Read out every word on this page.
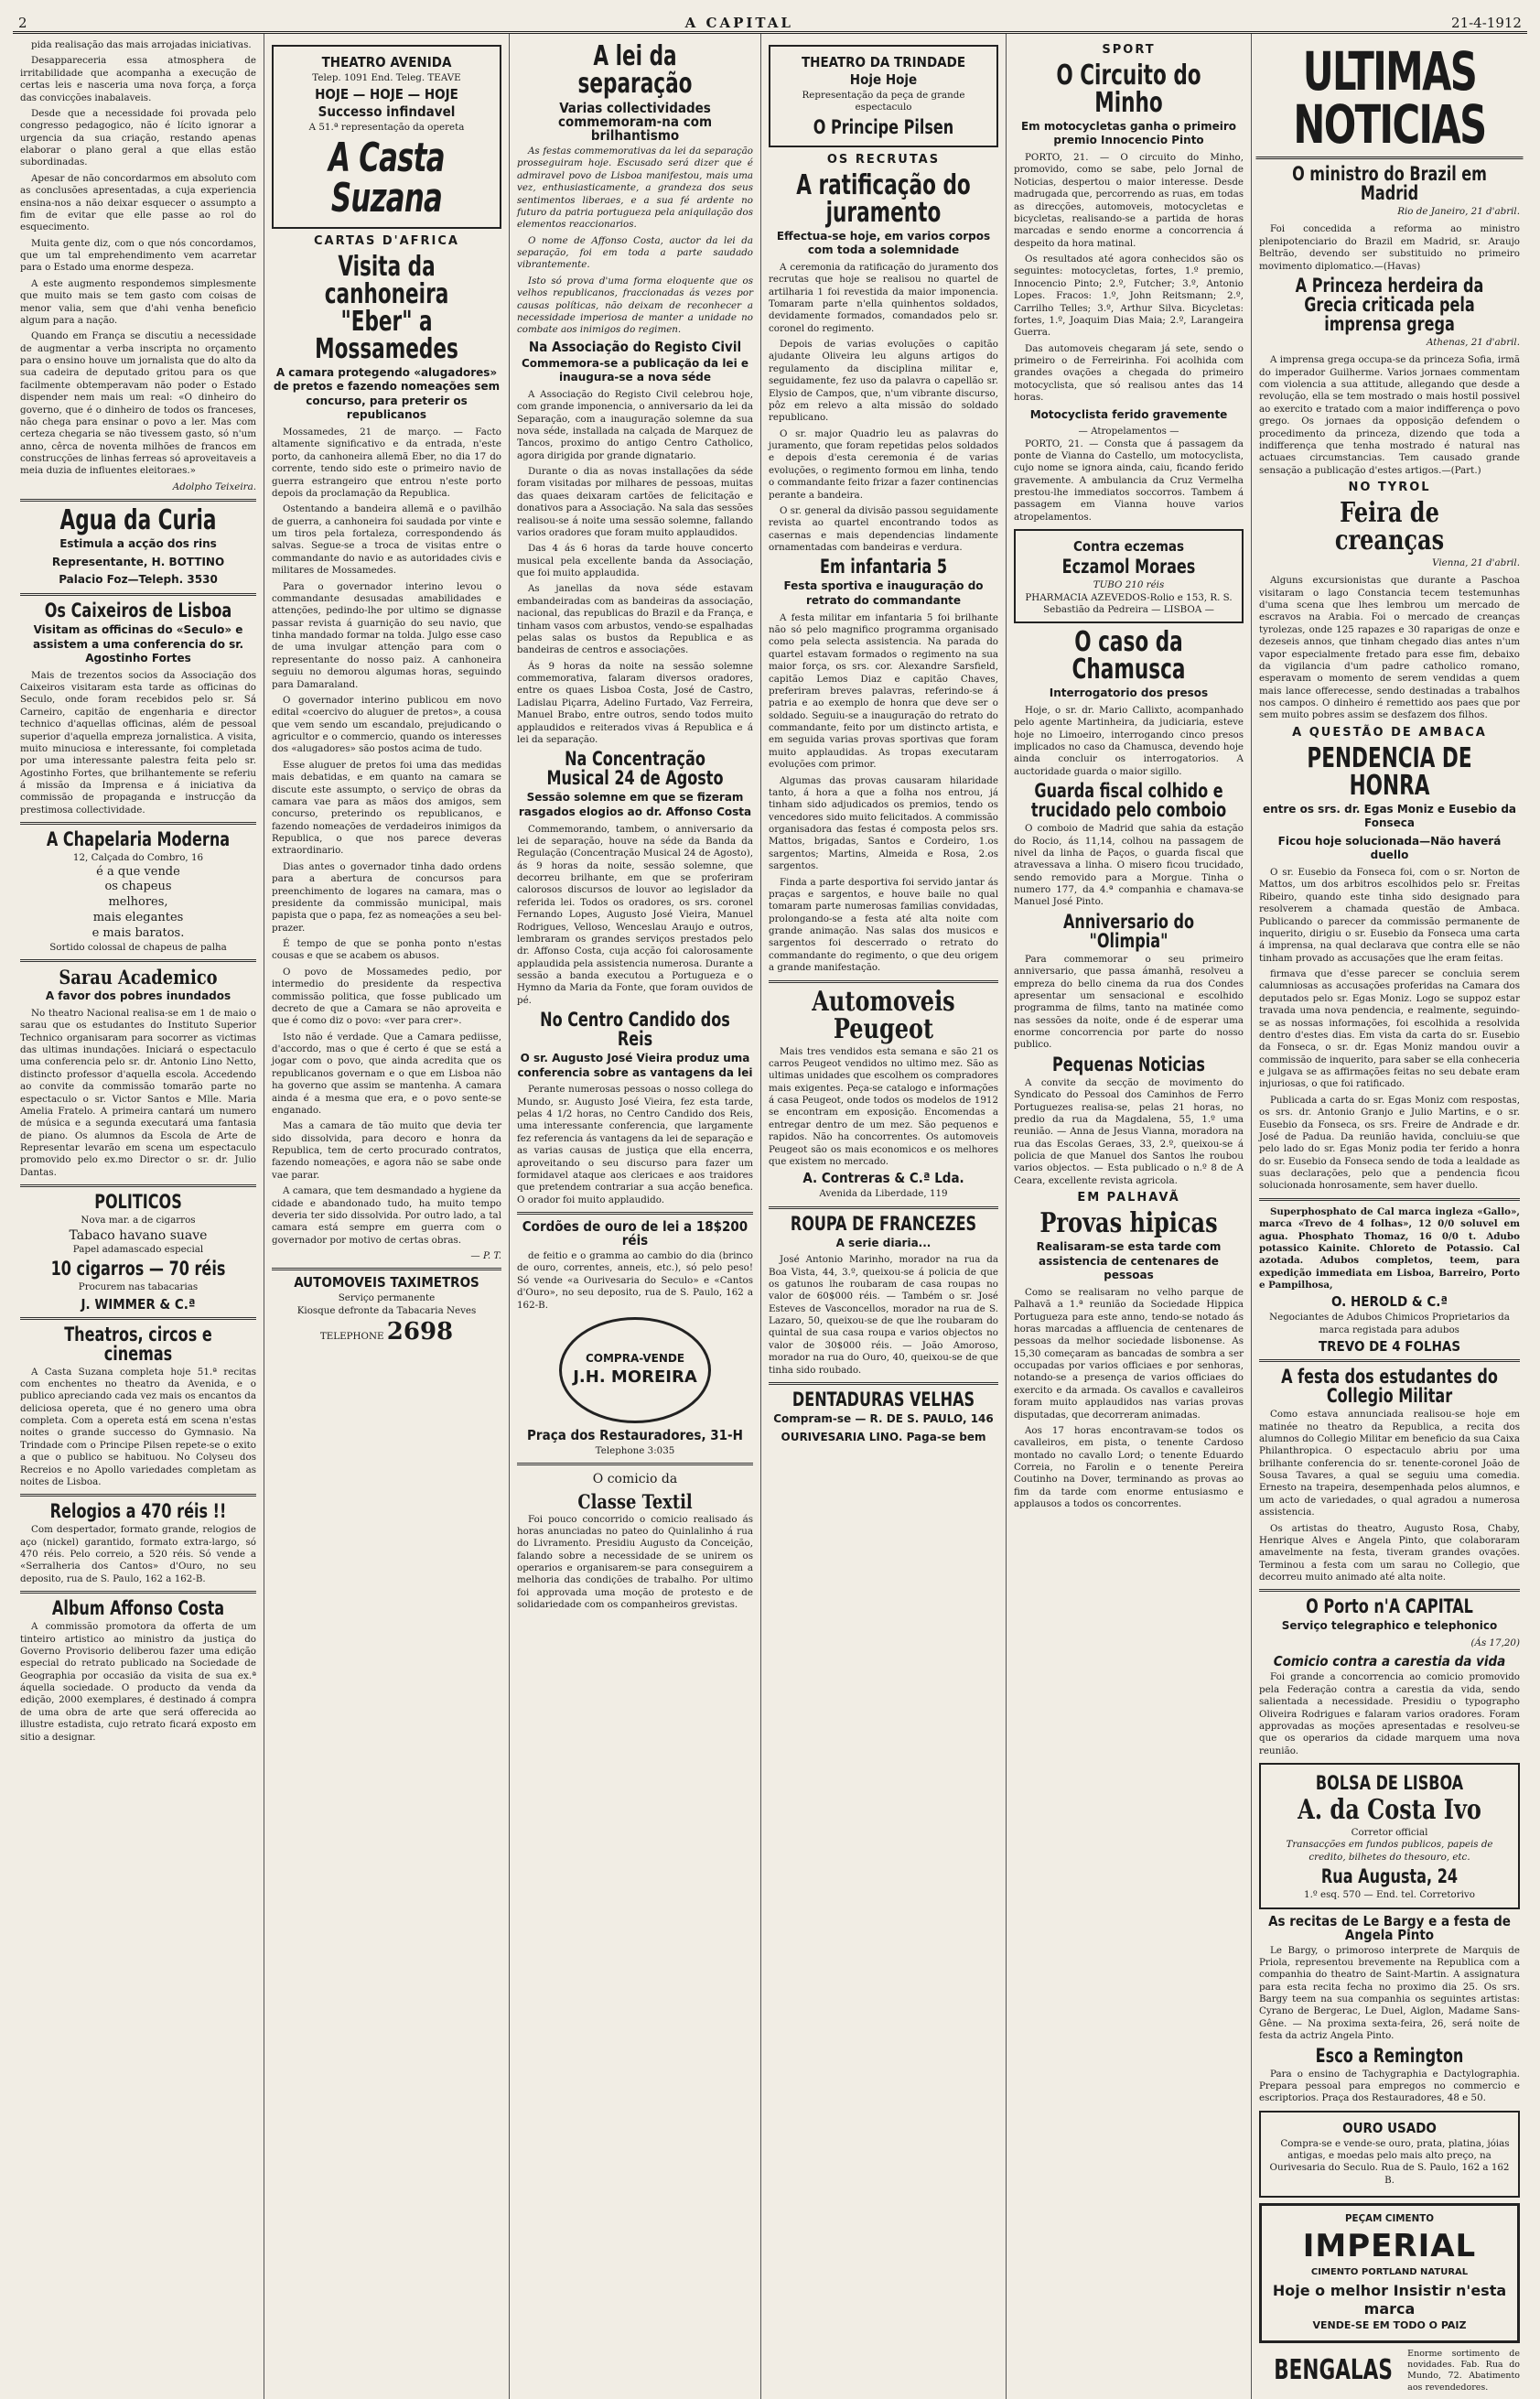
2	A CAPITAL	21-4-1912

pida realisação das mais arrojadas iniciativas.

Desappareceria essa atmosphera de irritabilidade que acompanha a execução de certas leis e nasceria uma nova força, a força das convicções inabalaveis.

Desde que a necessidade foi provada pelo congresso pedagogico, não é lícito ignorar a urgencia da sua criação, restando apenas elaborar o plano geral a que ellas estão subordinadas.

Apesar de não concordarmos em absoluto com as conclusões apresentadas, a cuja experiencia ensina-nos a não deixar esquecer o assumpto a fim de evitar que elle passe ao rol do esquecimento.

Muita gente diz, com o que nós concordamos, que um tal emprehendimento vem acarretar para o Estado uma enorme despeza.

A este augmento respondemos simplesmente que muito mais se tem gasto com coisas de menor valia, sem que d'ahi venha beneficio algum para a nação.

Quando em França se discutiu a necessidade de augmentar a verba inscripta no orçamento para o ensino houve um jornalista que do alto da sua cadeira de deputado gritou para os que facilmente obtemperavam não poder o Estado dispender nem mais um real: «O dinheiro do governo, que é o dinheiro de todos os franceses, não chega para ensinar o povo a ler. Mas com certeza chegaria se não tivessem gasto, só n'um anno, cêrca de noventa milhões de francos em construcções de linhas ferreas só aproveitaveis a meia duzia de influentes eleitoraes.»

Adolpho Teixeira.
Agua da Curia
Estimula a acção dos rins
Representante, H. BOTTINO
Palacio Foz—Teleph. 3530
Os Caixeiros de Lisboa
Visitam as officinas do «Seculo» e assistem a uma conferencia do sr. Agostinho Fortes

Mais de trezentos socios da Associação dos Caixeiros visitaram esta tarde as officinas do Seculo, onde foram recebidos pelo sr. Sá Carneiro, capitão de engenharia e director technico d'aquellas officinas, além de pessoal superior d'aquella empreza jornalistica. A visita, muito minuciosa e interessante, foi completada por uma interessante palestra feita pelo sr. Agostinho Fortes, que brilhantemente se referiu á missão da Imprensa e á iniciativa da commissão de propaganda e instrucção da prestimosa collectividade.

A Chapelaria Moderna
12, Calçada do Combro, 16
é a que vende
os chapeus
melhores,
mais elegantes
e mais baratos.
Sortido colossal de chapeus de palha
Sarau Academico
A favor dos pobres inundados

No theatro Nacional realisa-se em 1 de maio o sarau que os estudantes do Instituto Superior Technico organisaram para socorrer as victimas das ultimas inundações. Iniciará o espectaculo uma conferencia pelo sr. dr. Antonio Lino Netto, distincto professor d'aquella escola. Accedendo ao convite da commissão tomarão parte no espectaculo o sr. Victor Santos e Mlle. Maria Amelia Fratelo. A primeira cantará um numero de música e a segunda executará uma fantasia de piano. Os alumnos da Escola de Arte de Representar levarão em scena um espectaculo promovido pelo ex.mo Director o sr. dr. Julio Dantas.

POLITICOS
Nova mar. a de cigarros
Tabaco havano suave
Papel adamascado especial
10 cigarros — 70 réis
Procurem nas tabacarias
J. WIMMER & C.ª
Theatros, circos e cinemas

A Casta Suzana completa hoje 51.ª recitas com enchentes no theatro da Avenida, e o publico apreciando cada vez mais os encantos da deliciosa opereta, que é no genero uma obra completa. Com a opereta está em scena n'estas noites o grande successo do Gymnasio. Na Trindade com o Principe Pilsen repete-se o exito a que o publico se habituou. No Colyseu dos Recreios e no Apollo variedades completam as noites de Lisboa.

Relogios a 470 réis !!

Com despertador, formato grande, relogios de aço (nickel) garantido, formato extra-largo, só 470 réis. Pelo correio, a 520 réis. Só vende a «Serralheria dos Cantos» d'Ouro, no seu deposito, rua de S. Paulo, 162 a 162-B.

Album Affonso Costa

A commissão promotora da offerta de um tinteiro artistico ao ministro da justiça do Governo Provisorio deliberou fazer uma edição especial do retrato publicado na Sociedade de Geographia por occasião da visita de sua ex.ª áquella sociedade. O producto da venda da edição, 2000 exemplares, é destinado á compra de uma obra de arte que será offerecida ao illustre estadista, cujo retrato ficará exposto em sitio a designar.

THEATRO AVENIDA
Telep. 1091 End. Teleg. TEAVE
HOJE — HOJE — HOJE
Successo infindavel
A 51.ª representação da opereta
A Casta Suzana
CARTAS D'AFRICA
Visita da canhoneira "Eber" a Mossamedes
A camara protegendo «alugadores» de pretos e fazendo nomeações sem concurso, para preterir os republicanos

Mossamedes, 21 de março. — Facto altamente significativo e da entrada, n'este porto, da canhoneira allemã Eber, no dia 17 do corrente, tendo sido este o primeiro navio de guerra estrangeiro que entrou n'este porto depois da proclamação da Republica.

Ostentando a bandeira allemã e o pavilhão de guerra, a canhoneira foi saudada por vinte e um tiros pela fortaleza, correspondendo ás salvas. Segue-se a troca de visitas entre o commandante do navio e as autoridades civis e militares de Mossamedes.

Para o governador interino levou o commandante desusadas amabilidades e attenções, pedindo-lhe por ultimo se dignasse passar revista á guarnição do seu navio, que tinha mandado formar na tolda. Julgo esse caso de uma invulgar attenção para com o representante do nosso paiz. A canhoneira seguiu no demorou algumas horas, seguindo para Damaraland.

O governador interino publicou em novo edital «coercivo do aluguer de pretos», a cousa que vem sendo um escandalo, prejudicando o agricultor e o commercio, quando os interesses dos «alugadores» são postos acima de tudo.

Esse aluguer de pretos foi uma das medidas mais debatidas, e em quanto na camara se discute este assumpto, o serviço de obras da camara vae para as mãos dos amigos, sem concurso, preterindo os republicanos, e fazendo nomeações de verdadeiros inimigos da Republica, o que nos parece deveras extraordinario.

Dias antes o governador tinha dado ordens para a abertura de concursos para preenchimento de logares na camara, mas o presidente da commissão municipal, mais papista que o papa, fez as nomeações a seu bel-prazer.

É tempo de que se ponha ponto n'estas cousas e que se acabem os abusos.

O povo de Mossamedes pedio, por intermedio do presidente da respectiva commissão politica, que fosse publicado um decreto de que a Camara se não aproveita e que é como diz o povo: «ver para crer».

Isto não é verdade. Que a Camara pediisse, d'accordo, mas o que é certo é que se está a jogar com o povo, que ainda acredita que os republicanos governam e o que em Lisboa não ha governo que assim se mantenha. A camara ainda é a mesma que era, e o povo sente-se enganado.

Mas a camara de tão muito que devia ter sido dissolvida, para decoro e honra da Republica, tem de certo procurado contratos, fazendo nomeações, e agora não se sabe onde vae parar.

A camara, que tem desmandado a hygiene da cidade e abandonado tudo, ha muito tempo deveria ter sido dissolvida. Por outro lado, a tal camara está sempre em guerra com o governador por motivo de certas obras.

— P. T.
AUTOMOVEIS TAXIMETROS
Serviço permanente
Kiosque defronte da Tabacaria Neves
TELEPHONE 2698
A lei da separação
Varias collectividades commemoram-na com brilhantismo

As festas commemorativas da lei da separação prosseguiram hoje. Escusado será dizer que é admiravel povo de Lisboa manifestou, mais uma vez, enthusiasticamente, a grandeza dos seus sentimentos liberaes, e a sua fé ardente no futuro da patria portugueza pela aniquilação dos elementos reaccionarios.

O nome de Affonso Costa, auctor da lei da separação, foi em toda a parte saudado vibrantemente.

Isto só prova d'uma forma eloquente que os velhos republicanos, fraccionadas ás vezes por causas políticas, não deixam de reconhecer a necessidade imperiosa de manter a unidade no combate aos inimigos do regimen.

Na Associação do Registo Civil
Commemora-se a publicação da lei e inaugura-se a nova séde

A Associação do Registo Civil celebrou hoje, com grande imponencia, o anniversario da lei da Separação, com a inauguração solemne da sua nova séde, installada na calçada de Marquez de Tancos, proximo do antigo Centro Catholico, agora dirigida por grande dignatario.

Durante o dia as novas installações da séde foram visitadas por milhares de pessoas, muitas das quaes deixaram cartões de felicitação e donativos para a Associação. Na sala das sessões realisou-se á noite uma sessão solemne, fallando varios oradores que foram muito applaudidos.

Das 4 ás 6 horas da tarde houve concerto musical pela excellente banda da Associação, que foi muito applaudida.

As janellas da nova séde estavam embandeiradas com as bandeiras da associação, nacional, das republicas do Brazil e da França, e tinham vasos com arbustos, vendo-se espalhadas pelas salas os bustos da Republica e as bandeiras de centros e associações.

Ás 9 horas da noite na sessão solemne commemorativa, falaram diversos oradores, entre os quaes Lisboa Costa, José de Castro, Ladislau Piçarra, Adelino Furtado, Vaz Ferreira, Manuel Brabo, entre outros, sendo todos muito applaudidos e reiterados vivas á Republica e á lei da separação.

Na Concentração Musical 24 de Agosto
Sessão solemne em que se fizeram rasgados elogios ao dr. Affonso Costa

Commemorando, tambem, o anniversario da lei de separação, houve na séde da Banda da Regulação (Concentração Musical 24 de Agosto), ás 9 horas da noite, sessão solemne, que decorreu brilhante, em que se proferiram calorosos discursos de louvor ao legislador da referida lei. Todos os oradores, os srs. coronel Fernando Lopes, Augusto José Vieira, Manuel Rodrigues, Velloso, Wenceslau Araujo e outros, lembraram os grandes serviços prestados pelo dr. Affonso Costa, cuja acção foi calorosamente applaudida pela assistencia numerosa. Durante a sessão a banda executou a Portugueza e o Hymno da Maria da Fonte, que foram ouvidos de pé.

No Centro Candido dos Reis
O sr. Augusto José Vieira produz uma conferencia sobre as vantagens da lei

Perante numerosas pessoas o nosso collega do Mundo, sr. Augusto José Vieira, fez esta tarde, pelas 4 1/2 horas, no Centro Candido dos Reis, uma interessante conferencia, que largamente fez referencia ás vantagens da lei de separação e as varias causas de justiça que ella encerra, aproveitando o seu discurso para fazer um formidavel ataque aos clericaes e aos traidores que pretendem contrariar a sua acção benefica. O orador foi muito applaudido.

Cordões de ouro de lei a 18$200 réis

de feitio e o gramma ao cambio do dia (brinco de ouro, correntes, anneis, etc.), só pelo peso! Só vende «a Ourivesaria do Seculo» e «Cantos d'Ouro», no seu deposito, rua de S. Paulo, 162 a 162-B.

COMPRA-VENDE
J.H. MOREIRA
Praça dos Restauradores, 31-H
Telephone 3:035
O comicio da
Classe Textil

Foi pouco concorrido o comicio realisado ás horas anunciadas no pateo do Quinlalinho á rua do Livramento. Presidiu Augusto da Conceição, falando sobre a necessidade de se unirem os operarios e organisarem-se para conseguirem a melhoria das condições de trabalho. Por ultimo foi approvada uma moção de protesto e de solidariedade com os companheiros grevistas.

THEATRO DA TRINDADE
Hoje Hoje
Representação da peça de grande espectaculo
O Principe Pilsen
OS RECRUTAS
A ratificação do juramento
Effectua-se hoje, em varios corpos com toda a solemnidade

A ceremonia da ratificação do juramento dos recrutas que hoje se realisou no quartel de artilharia 1 foi revestida da maior imponencia. Tomaram parte n'ella quinhentos soldados, devidamente formados, comandados pelo sr. coronel do regimento.

Depois de varias evoluções o capitão ajudante Oliveira leu alguns artigos do regulamento da disciplina militar e, seguidamente, fez uso da palavra o capellão sr. Elysio de Campos, que, n'um vibrante discurso, pôz em relevo a alta missão do soldado republicano.

O sr. major Quadrio leu as palavras do juramento, que foram repetidas pelos soldados e depois d'esta ceremonia é de varias evoluções, o regimento formou em linha, tendo o commandante feito frizar a fazer continencias perante a bandeira.

O sr. general da divisão passou seguidamente revista ao quartel encontrando todos as casernas e mais dependencias lindamente ornamentadas com bandeiras e verdura.

Em infantaria 5
Festa sportiva e inauguração do retrato do commandante

A festa militar em infantaria 5 foi brilhante não só pelo magnifico programma organisado como pela selecta assistencia. Na parada do quartel estavam formados o regimento na sua maior força, os srs. cor. Alexandre Sarsfield, capitão Lemos Diaz e capitão Chaves, preferiram breves palavras, referindo-se á patria e ao exemplo de honra que deve ser o soldado. Seguiu-se a inauguração do retrato do commandante, feito por um distincto artista, e em seguida varias provas sportivas que foram muito applaudidas. As tropas executaram evoluções com primor.

Algumas das provas causaram hilaridade tanto, á hora a que a folha nos entrou, já tinham sido adjudicados os premios, tendo os vencedores sido muito felicitados. A commissão organisadora das festas é composta pelos srs. Mattos, brigadas, Santos e Cordeiro, 1.os sargentos; Martins, Almeida e Rosa, 2.os sargentos.

Finda a parte desportiva foi servido jantar ás praças e sargentos, e houve baile no qual tomaram parte numerosas familias convidadas, prolongando-se a festa até alta noite com grande animação. Nas salas dos musicos e sargentos foi descerrado o retrato do commandante do regimento, o que deu origem a grande manifestação.

Automoveis Peugeot

Mais tres vendidos esta semana e são 21 os carros Peugeot vendidos no ultimo mez. São as ultimas unidades que escolhem os compradores mais exigentes. Peça-se catalogo e informações á casa Peugeot, onde todos os modelos de 1912 se encontram em exposição. Encomendas a entregar dentro de um mez. São pequenos e rapidos. Não ha concorrentes. Os automoveis Peugeot são os mais economicos e os melhores que existem no mercado.

A. Contreras & C.ª Lda.
Avenida da Liberdade, 119
ROUPA DE FRANCEZES
A serie diaria...

José Antonio Marinho, morador na rua da Boa Vista, 44, 3.º, queixou-se á policia de que os gatunos lhe roubaram de casa roupas no valor de 60$000 réis. — Também o sr. José Esteves de Vasconcellos, morador na rua de S. Lazaro, 50, queixou-se de que lhe roubaram do quintal de sua casa roupa e varios objectos no valor de 30$000 réis. — João Amoroso, morador na rua do Ouro, 40, queixou-se de que tinha sido roubado.

DENTADURAS VELHAS
Compram-se — R. DE S. PAULO, 146
OURIVESARIA LINO. Paga-se bem
SPORT
O Circuito do Minho
Em motocycletas ganha o primeiro premio Innocencio Pinto

PORTO, 21. — O circuito do Minho, promovido, como se sabe, pelo Jornal de Noticias, despertou o maior interesse. Desde madrugada que, percorrendo as ruas, em todas as direcções, automoveis, motocycletas e bicycletas, realisando-se a partida de horas marcadas e sendo enorme a concorrencia á despeito da hora matinal.

Os resultados até agora conhecidos são os seguintes: motocycletas, fortes, 1.º premio, Innocencio Pinto; 2.º, Futcher; 3.º, Antonio Lopes. Fracos: 1.º, John Reitsmann; 2.º, Carrilho Telles; 3.º, Arthur Silva. Bicycletas: fortes, 1.º, Joaquim Dias Maia; 2.º, Larangeira Guerra.

Das automoveis chegaram já sete, sendo o primeiro o de Ferreirinha. Foi acolhida com grandes ovações a chegada do primeiro motocyclista, que só realisou antes das 14 horas.

Motocyclista ferido gravemente
— Atropelamentos —

PORTO, 21. — Consta que á passagem da ponte de Vianna do Castello, um motocyclista, cujo nome se ignora ainda, caiu, ficando ferido gravemente. A ambulancia da Cruz Vermelha prestou-lhe immediatos soccorros. Tambem á passagem em Vianna houve varios atropelamentos.

Contra eczemas
Eczamol Moraes
TUBO 210 réis
PHARMACIA AZEVEDOS-Rolio e 153, R. S. Sebastião da Pedreira — LISBOA —
O caso da Chamusca
Interrogatorio dos presos

Hoje, o sr. dr. Mario Callixto, acompanhado pelo agente Martinheira, da judiciaria, esteve hoje no Limoeiro, interrogando cinco presos implicados no caso da Chamusca, devendo hoje ainda concluir os interrogatorios. A auctoridade guarda o maior sigillo.

Guarda fiscal colhido e trucidado pelo comboio

O comboio de Madrid que sahia da estação do Rocio, ás 11,14, colhou na passagem de nivel da linha de Paços, o guarda fiscal que atravessava a linha. O misero ficou trucidado, sendo removido para a Morgue. Tinha o numero 177, da 4.ª companhia e chamava-se Manuel José Pinto.

Anniversario do "Olimpia"

Para commemorar o seu primeiro anniversario, que passa ámanhã, resolveu a empreza do bello cinema da rua dos Condes apresentar um sensacional e escolhido programma de films, tanto na matinée como nas sessões da noite, onde é de esperar uma enorme concorrencia por parte do nosso publico.

Pequenas Noticias

A convite da secção de movimento do Syndicato do Pessoal dos Caminhos de Ferro Portuguezes realisa-se, pelas 21 horas, no predio da rua da Magdalena, 55, 1.º uma reunião. — Anna de Jesus Vianna, moradora na rua das Escolas Geraes, 33, 2.º, queixou-se á policia de que Manuel dos Santos lhe roubou varios objectos. — Esta publicado o n.º 8 de A Ceara, excellente revista agricola.

EM PALHAVÃ
Provas hipicas
Realisaram-se esta tarde com assistencia de centenares de pessoas

Como se realisaram no velho parque de Palhavã a 1.ª reunião da Sociedade Hippica Portugueza para este anno, tendo-se notado ás horas marcadas a affluencia de centenares de pessoas da melhor sociedade lisbonense. As 15,30 começaram as bancadas de sombra a ser occupadas por varios officiaes e por senhoras, notando-se a presença de varios officiaes do exercito e da armada. Os cavallos e cavalleiros foram muito applaudidos nas varias provas disputadas, que decorreram animadas.

Aos 17 horas encontravam-se todos os cavalleiros, em pista, o tenente Cardoso montado no cavallo Lord; o tenente Eduardo Correia, no Farolin e o tenente Pereira Coutinho na Dover, terminando as provas ao fim da tarde com enorme entusiasmo e applausos a todos os concorrentes.

ULTIMAS NOTICIAS
O ministro do Brazil em Madrid
Rio de Janeiro, 21 d'abril.

Foi concedida a reforma ao ministro plenipotenciario do Brazil em Madrid, sr. Araujo Beltrão, devendo ser substituido no primeiro movimento diplomatico.—(Havas)

A Princeza herdeira da Grecia criticada pela imprensa grega
Athenas, 21 d'abril.

A imprensa grega occupa-se da princeza Sofia, irmã do imperador Guilherme. Varios jornaes commentam com violencia a sua attitude, allegando que desde a revolução, ella se tem mostrado o mais hostil possivel ao exercito e tratado com a maior indifferença o povo grego. Os jornaes da opposição defendem o procedimento da princeza, dizendo que toda a indifferença que tenha mostrado é natural nas actuaes circumstancias. Tem causado grande sensação a publicação d'estes artigos.—(Part.)

NO TYROL
Feira de creanças
Vienna, 21 d'abril.

Alguns excursionistas que durante a Paschoa visitaram o lago Constancia tecem testemunhas d'uma scena que lhes lembrou um mercado de escravos na Arabia. Foi o mercado de creanças tyrolezas, onde 125 rapazes e 30 raparigas de onze e dezeseis annos, que tinham chegado dias antes n'um vapor especialmente fretado para esse fim, debaixo da vigilancia d'um padre catholico romano, esperavam o momento de serem vendidas a quem mais lance offerecesse, sendo destinadas a trabalhos nos campos. O dinheiro é remettido aos paes que por sem muito pobres assim se desfazem dos filhos.

A QUESTÃO DE AMBACA
PENDENCIA DE HONRA
entre os srs. dr. Egas Moniz e Eusebio da Fonseca
Ficou hoje solucionada—Não haverá duello

O sr. Eusebio da Fonseca foi, com o sr. Norton de Mattos, um dos arbitros escolhidos pelo sr. Freitas Ribeiro, quando este tinha sido designado para resolverem a chamada questão de Ambaca. Publicando o parecer da commissão permanente de inquerito, dirigiu o sr. Eusebio da Fonseca uma carta á imprensa, na qual declarava que contra elle se não tinham provado as accusações que lhe eram feitas.

firmava que d'esse parecer se concluia serem calumniosas as accusações proferidas na Camara dos deputados pelo sr. Egas Moniz. Logo se suppoz estar travada uma nova pendencia, e realmente, seguindo-se as nossas informações, foi escolhida a resolvida dentro d'estes dias. Em vista da carta do sr. Eusebio da Fonseca, o sr. dr. Egas Moniz mandou ouvir a commissão de inquerito, para saber se ella conheceria e julgava se as affirmações feitas no seu debate eram injuriosas, o que foi ratificado.

Publicada a carta do sr. Egas Moniz com respostas, os srs. dr. Antonio Granjo e Julio Martins, e o sr. Eusebio da Fonseca, os srs. Freire de Andrade e dr. José de Padua. Da reunião havida, concluiu-se que pelo lado do sr. Egas Moniz podia ter ferido a honra do sr. Eusebio da Fonseca sendo de toda a lealdade as suas declarações, pelo que a pendencia ficou solucionada honrosamente, sem haver duello.

Superphosphato de Cal marca ingleza «Gallo», marca «Trevo de 4 folhas», 12 0/0 soluvel em agua. Phosphato Thomaz, 16 0/0 t. Adubo potassico Kainite. Chloreto de Potassio. Cal azotada. Adubos completos, teem, para expedição immediata em Lisboa, Barreiro, Porto e Pampilhosa,

O. HEROLD & C.ª
Negociantes de Adubos Chimicos Proprietarios da marca registada para adubos
TREVO DE 4 FOLHAS
A festa dos estudantes do Collegio Militar

Como estava annunciada realisou-se hoje em matinée no theatro da Republica, a recita dos alumnos do Collegio Militar em beneficio da sua Caixa Philanthropica. O espectaculo abriu por uma brilhante conferencia do sr. tenente-coronel João de Sousa Tavares, a qual se seguiu uma comedia. Ernesto na trapeira, desempenhada pelos alumnos, e um acto de variedades, o qual agradou a numerosa assistencia.

Os artistas do theatro, Augusto Rosa, Chaby, Henrique Alves e Angela Pinto, que colaboraram amavelmente na festa, tiveram grandes ovações. Terminou a festa com um sarau no Collegio, que decorreu muito animado até alta noite.

O Porto n'A CAPITAL
Serviço telegraphico e telephonico
(Ás 17,20)
Comicio contra a carestia da vida

Foi grande a concorrencia ao comicio promovido pela Federação contra a carestia da vida, sendo salientada a necessidade. Presidiu o typographo Oliveira Rodrigues e falaram varios oradores. Foram approvadas as moções apresentadas e resolveu-se que os operarios da cidade marquem uma nova reunião.

BOLSA DE LISBOA
A. da Costa Ivo
Corretor official
Transacções em fundos publicos, papeis de credito, bilhetes do thesouro, etc.
Rua Augusta, 24
1.º esq. 570 — End. tel. Corretorivo
As recitas de Le Bargy e a festa de Angela Pinto

Le Bargy, o primoroso interprete de Marquis de Priola, representou brevemente na Republica com a companhia do theatro de Saint-Martin. A assignatura para esta recita fecha no proximo dia 25. Os srs. Bargy teem na sua companhia os seguintes artistas: Cyrano de Bergerac, Le Duel, Aiglon, Madame Sans-Gêne. — Na proxima sexta-feira, 26, será noite de festa da actriz Angela Pinto.

Esco a Remington

Para o ensino de Tachygraphia e Dactylographia. Prepara pessoal para empregos no commercio e escriptorios. Praça dos Restauradores, 48 e 50.

OURO USADO

Compra-se e vende-se ouro, prata, platina, jóias antigas, e moedas pelo mais alto preço, na Ourivesaria do Seculo. Rua de S. Paulo, 162 a 162 B.

PEÇAM CIMENTO
IMPERIAL
CIMENTO PORTLAND NATURAL
Hoje o melhor Insistir n'esta marca
VENDE-SE EM TODO O PAIZ
BENGALAS
Enorme sortimento de novidades. Fab. Rua do Mundo, 72. Abatimento aos revendedores.
